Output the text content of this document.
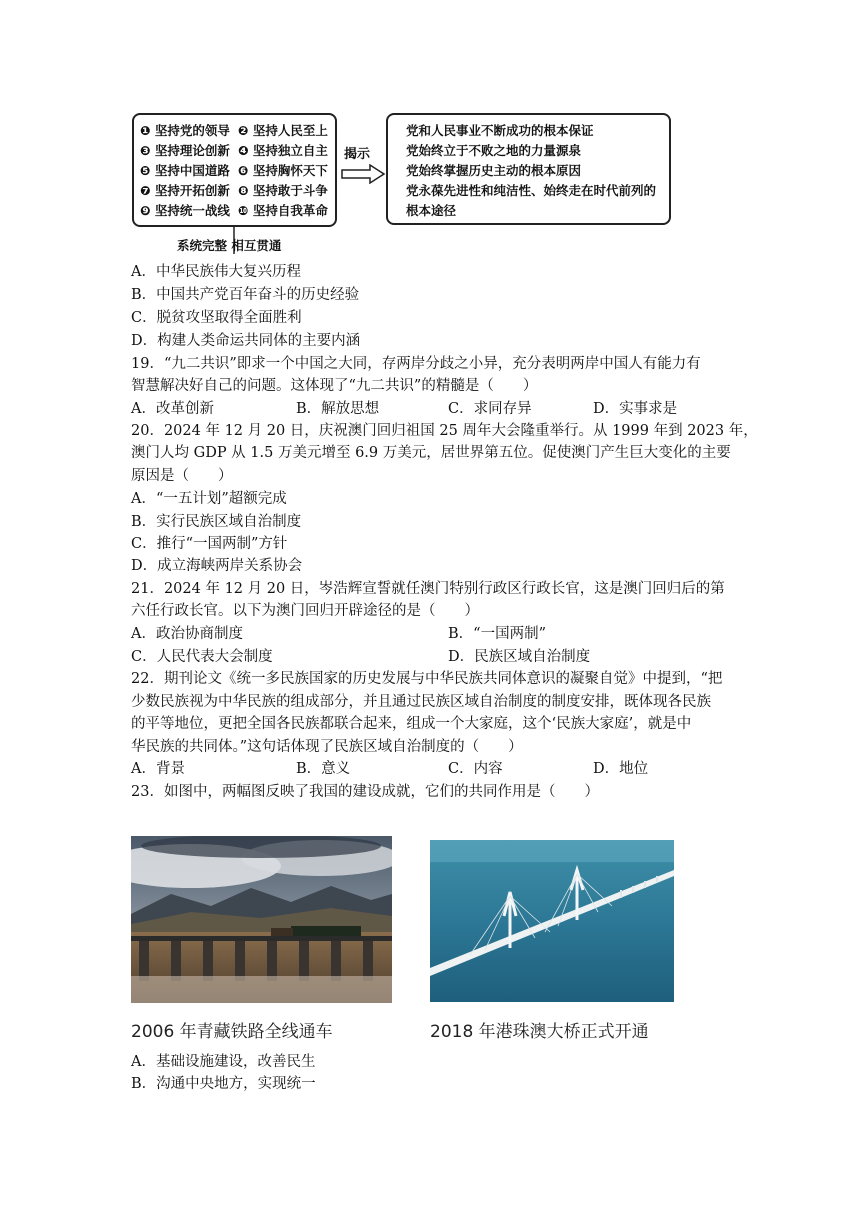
❶ 坚持党的领导 ❷ 坚持人民至上
❸ 坚持理论创新 ❹ 坚持独立自主
❺ 坚持中国道路 ❻ 坚持胸怀天下
❼ 坚持开拓创新 ❽ 坚持敢于斗争
❾ 坚持统一战线 ❿ 坚持自我革命
系统完整 相互贯通
揭示
党和人民事业不断成功的根本保证
党始终立于不败之地的力量源泉
党始终掌握历史主动的根本原因
党永葆先进性和纯洁性、始终走在时代前列的
根本途径
A．中华民族伟大复兴历程
B．中国共产党百年奋斗的历史经验
C．脱贫攻坚取得全面胜利
D．构建人类命运共同体的主要内涵
19．“九二共识”即求一个中国之大同，存两岸分歧之小异，充分表明两岸中国人有能力有
智慧解决好自己的问题。这体现了“九二共识”的精髓是（　　）
A．改革创新	B．解放思想	C．求同存异	D．实事求是
20．2024 年 12 月 20 日，庆祝澳门回归祖国 25 周年大会隆重举行。从 1999 年到 2023 年，
澳门人均 GDP 从 1.5 万美元增至 6.9 万美元，居世界第五位。促使澳门产生巨大变化的主要
原因是（　　）
A．“一五计划”超额完成
B．实行民族区域自治制度
C．推行“一国两制”方针
D．成立海峡两岸关系协会
21．2024 年 12 月 20 日，岑浩辉宣誓就任澳门特别行政区行政长官，这是澳门回归后的第
六任行政长官。以下为澳门回归开辟途径的是（　　）
A．政治协商制度	B．“一国两制”
C．人民代表大会制度	D．民族区域自治制度
22．期刊论文《统一多民族国家的历史发展与中华民族共同体意识的凝聚自觉》中提到，“把
少数民族视为中华民族的组成部分，并且通过民族区域自治制度的制度安排，既体现各民族
的平等地位，更把全国各民族都联合起来，组成一个大家庭，这个‘民族大家庭’，就是中
华民族的共同体。”这句话体现了民族区域自治制度的（　　）
A．背景	B．意义	C．内容	D．地位
23．如图中，两幅图反映了我国的建设成就，它们的共同作用是（　　）
2006 年青藏铁路全线通车	2018 年港珠澳大桥正式开通
A．基础设施建设，改善民生
B．沟通中央地方，实现统一
